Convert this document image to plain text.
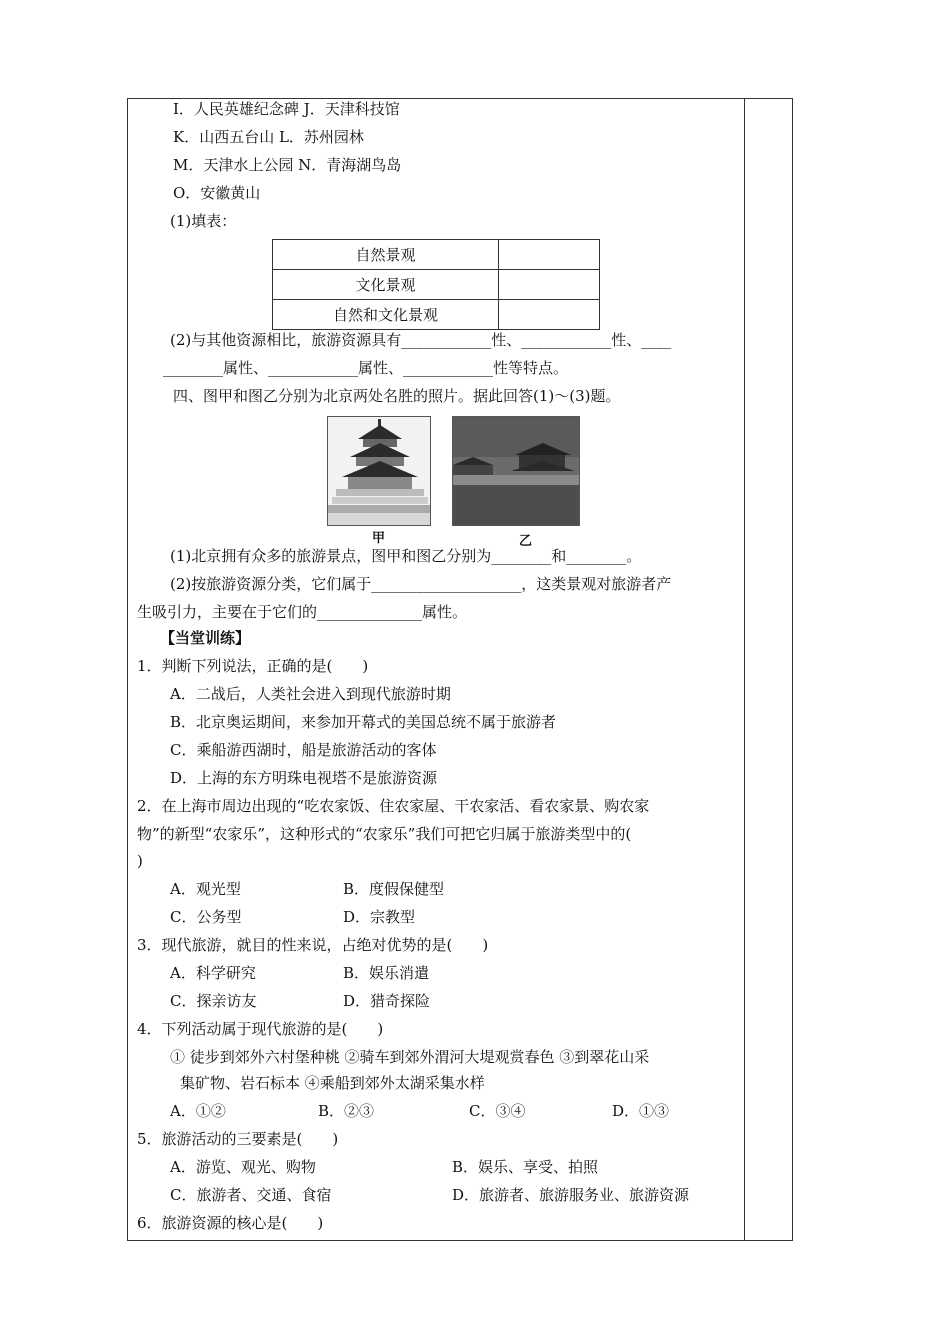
I．人民英雄纪念碑 J．天津科技馆
K．山西五台山 L．苏州园林
M．天津水上公园 N．青海湖鸟岛
O．安徽黄山
(1)填表：
自然景观	
文化景观	
自然和文化景观	
(2)与其他资源相比，旅游资源具有____________性、____________性、____
________属性、____________属性、____________性等特点。
四、图甲和图乙分别为北京两处名胜的照片。据此回答(1)～(3)题。
甲	乙
(1)北京拥有众多的旅游景点，图甲和图乙分别为________和________。
(2)按旅游资源分类，它们属于____________________，这类景观对旅游者产
生吸引力，主要在于它们的______________属性。
【当堂训练】
1．判断下列说法，正确的是(　　)
A．二战后，人类社会进入到现代旅游时期
B．北京奥运期间，来参加开幕式的美国总统不属于旅游者
C．乘船游西湖时，船是旅游活动的客体
D．上海的东方明珠电视塔不是旅游资源
2．在上海市周边出现的“吃农家饭、住农家屋、干农家活、看农家景、购农家
物”的新型“农家乐”，这种形式的“农家乐”我们可把它归属于旅游类型中的(
)
A．观光型	B．度假保健型
C．公务型	D．宗教型
3．现代旅游，就目的性来说，占绝对优势的是(　　)
A．科学研究	B．娱乐消遣
C．探亲访友	D．猎奇探险
4．下列活动属于现代旅游的是(　　)
① 徒步到郊外六村堡种桃 ②骑车到郊外渭河大堤观赏春色 ③到翠花山采
集矿物、岩石标本 ④乘船到郊外太湖采集水样
A．①②	B．②③	C．③④	D．①③
5．旅游活动的三要素是(　　)
A．游览、观光、购物	B．娱乐、享受、拍照
C．旅游者、交通、食宿	D．旅游者、旅游服务业、旅游资源
6．旅游资源的核心是(　　)
